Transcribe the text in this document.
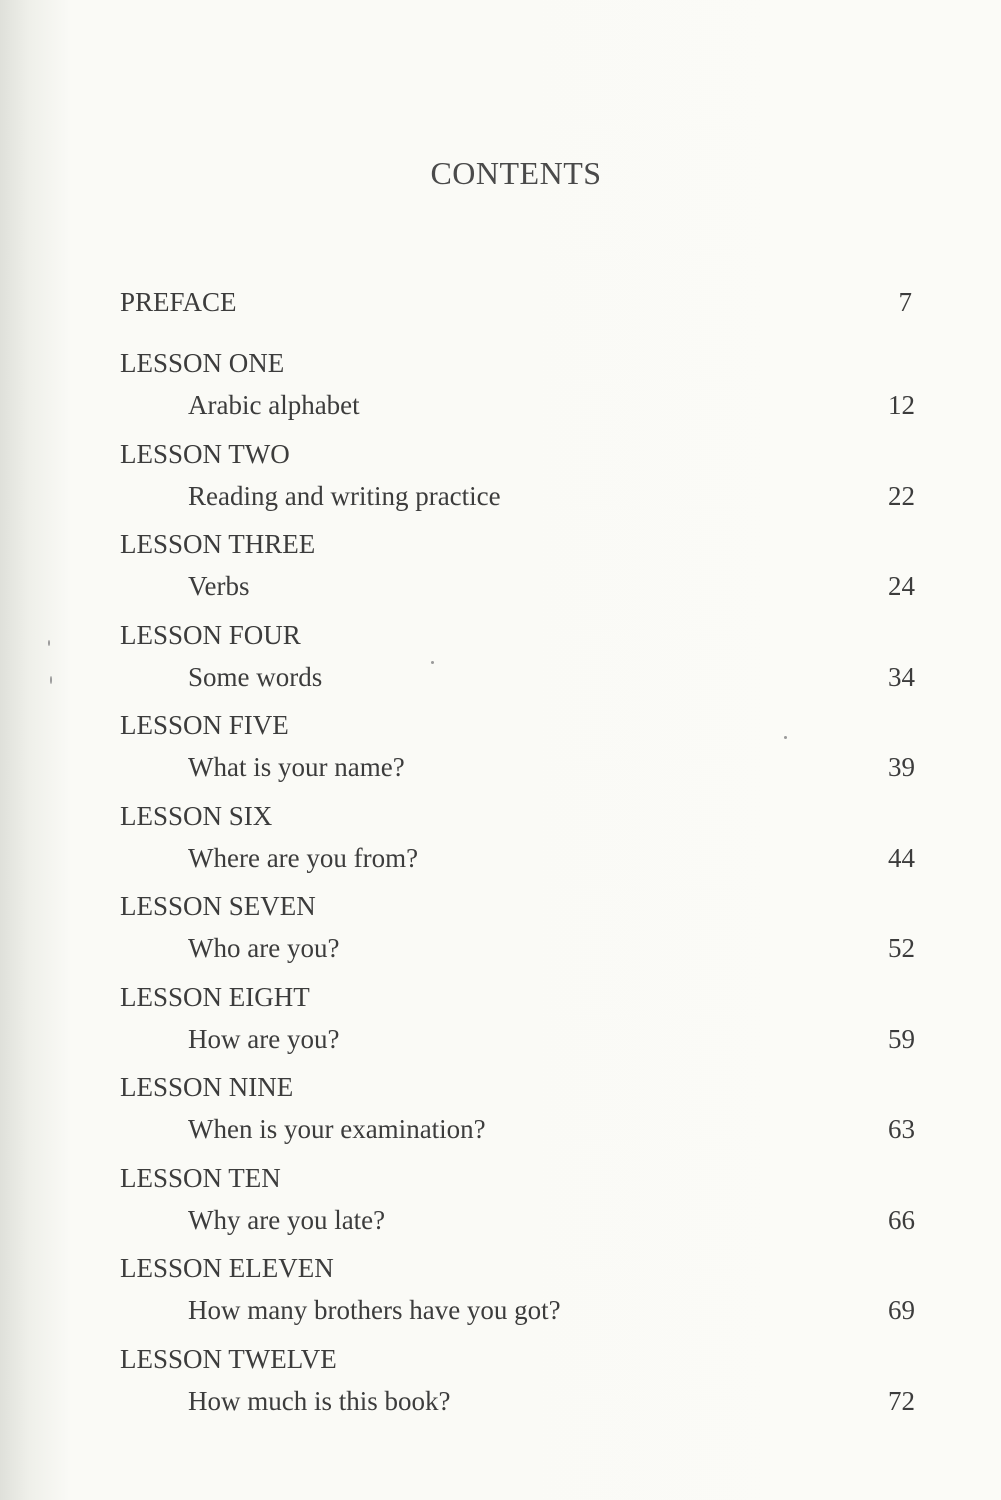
CONTENTS
PREFACE	7
LESSON ONE
Arabic alphabet	12
LESSON TWO
Reading and writing practice	22
LESSON THREE
Verbs	24
LESSON FOUR
Some words	34
LESSON FIVE
What is your name?	39
LESSON SIX
Where are you from?	44
LESSON SEVEN
Who are you?	52
LESSON EIGHT
How are you?	59
LESSON NINE
When is your examination?	63
LESSON TEN
Why are you late?	66
LESSON ELEVEN
How many brothers have you got?	69
LESSON TWELVE
How much is this book?	72
